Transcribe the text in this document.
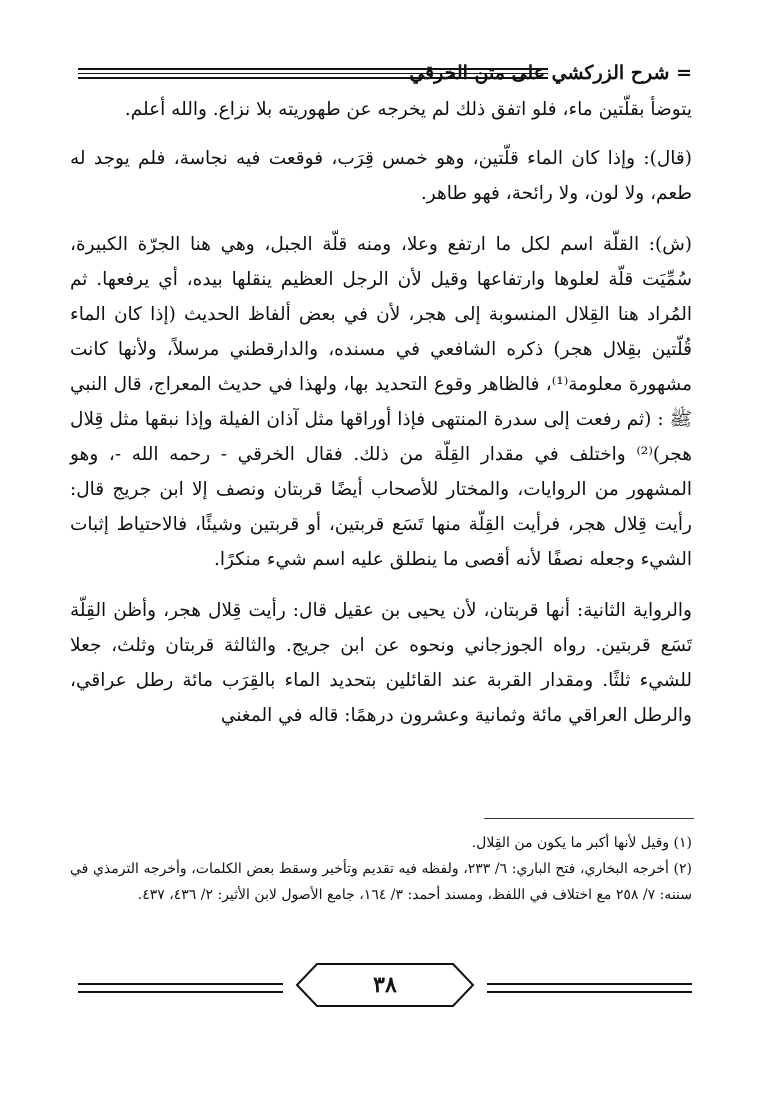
= شرح الزركشي على متن الخرقي

يتوضأ بقلّتين ماء، فلو اتفق ذلك لم يخرجه عن طهوريته بلا نزاع. والله أعلم.

(قال): وإذا كان الماء قلّتين، وهو خمس قِرَب، فوقعت فيه نجاسة، فلم يوجد له طعم، ولا لون، ولا رائحة، فهو طاهر.

(ش): القلّة اسم لكل ما ارتفع وعلا، ومنه قلّة الجبل، وهي هنا الجرّة الكبيرة، سُمِّيَت قلّة لعلوها وارتفاعها وقيل لأن الرجل العظيم ينقلها بيده، أي يرفعها. ثم المُراد هنا القِلال المنسوبة إلى هجر، لأن في بعض ألفاظ الحديث (إذا كان الماء قُلّتين بقِلال هجر) ذكره الشافعي في مسنده، والدارقطني مرسلاً، ولأنها كانت مشهورة معلومة⁽¹⁾، فالظاهر وقوع التحديد بها، ولهذا في حديث المعراج، قال النبي ﷺ : (ثم رفعت إلى سدرة المنتهى فإذا أوراقها مثل آذان الفيلة وإذا نبقها مثل قِلال هجر)⁽²⁾ واختلف في مقدار القِلّة من ذلك. فقال الخرقي - رحمه الله -، وهو المشهور من الروايات، والمختار للأصحاب أيضًا قربتان ونصف إلا ابن جريج قال: رأيت قِلال هجر، فرأيت القِلّة منها تَسَع قربتين، أو قربتين وشيئًا، فالاحتياط إثبات الشيء وجعله نصفًا لأنه أقصى ما ينطلق عليه اسم شيء منكرًا.

والرواية الثانية: أنها قربتان، لأن يحيى بن عقيل قال: رأيت قِلال هجر، وأظن القِلّة تَسَع قربتين. رواه الجوزجاني ونحوه عن ابن جريج. والثالثة قربتان وثلث، جعلا للشيء ثلثًا. ومقدار القربة عند القائلين بتحديد الماء بالقِرَب مائة رطل عراقي، والرطل العراقي مائة وثمانية وعشرون درهمًا: قاله في المغني

(١) وقيل لأنها أكبر ما يكون من القِلال.

(٢) أخرجه البخاري، فتح الباري: ٦/ ٢٣٣، ولفظه فيه تقديم وتأخير وسقط بعض الكلمات، وأخرجه الترمذي في سننه: ٧/ ٢٥٨ مع اختلاف في اللفظ، ومسند أحمد: ٣/ ١٦٤، جامع الأصول لابن الأثير: ٢/ ٤٣٦، ٤٣٧.

٣٨
